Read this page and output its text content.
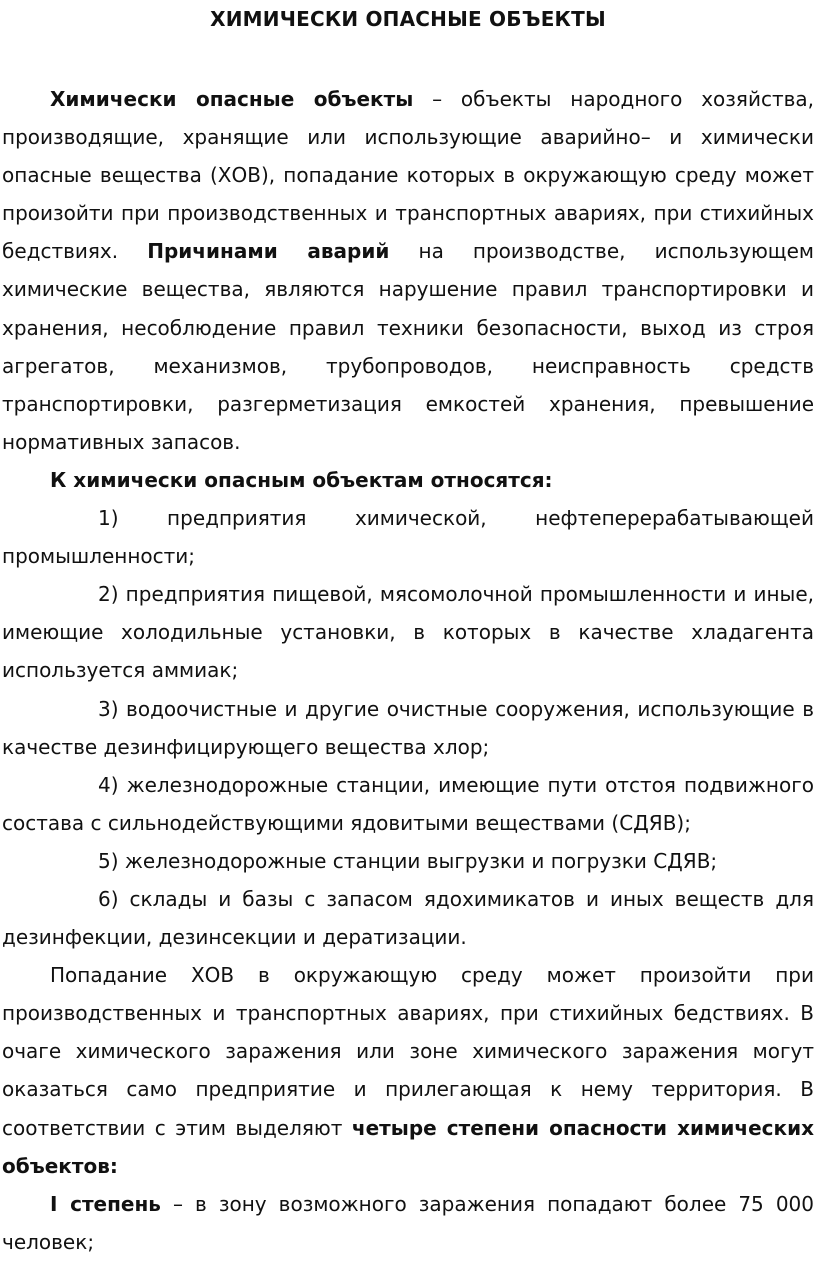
ХИМИЧЕСКИ ОПАСНЫЕ ОБЪЕКТЫ

Химически опасные объекты – объекты народного хозяйства, производящие, хранящие или использующие аварийно– и химически опасные вещества (ХОВ), попадание которых в окружающую среду может произойти при производственных и транспортных авариях, при стихийных бедствиях. Причинами аварий на производстве, использующем химические вещества, являются нарушение правил транспортировки и хранения, несоблюдение правил техники безопасности, выход из строя агрегатов, механизмов, трубопроводов, неисправность средств транспортировки, разгерметизация емкостей хранения, превышение нормативных запасов.

К химически опасным объектам относятся:

1) предприятия химической, нефтеперерабатывающей промышленности;

2) предприятия пищевой, мясомолочной промышленности и иные, имеющие холодильные установки, в которых в качестве хладагента используется аммиак;

3) водоочистные и другие очистные сооружения, использующие в качестве дезинфицирующего вещества хлор;

4) железнодорожные станции, имеющие пути отстоя подвижного состава с сильнодействующими ядовитыми веществами (СДЯВ);

5) железнодорожные станции выгрузки и погрузки СДЯВ;

6) склады и базы с запасом ядохимикатов и иных веществ для дезинфекции, дезинсекции и дератизации.

Попадание ХОВ в окружающую среду может произойти при производственных и транспортных авариях, при стихийных бедствиях. В очаге химического заражения или зоне химического заражения могут оказаться само предприятие и прилегающая к нему территория. В соответствии с этим выделяют четыре степени опасности химических объектов:

I степень – в зону возможного заражения попадают более 75 000 человек;
